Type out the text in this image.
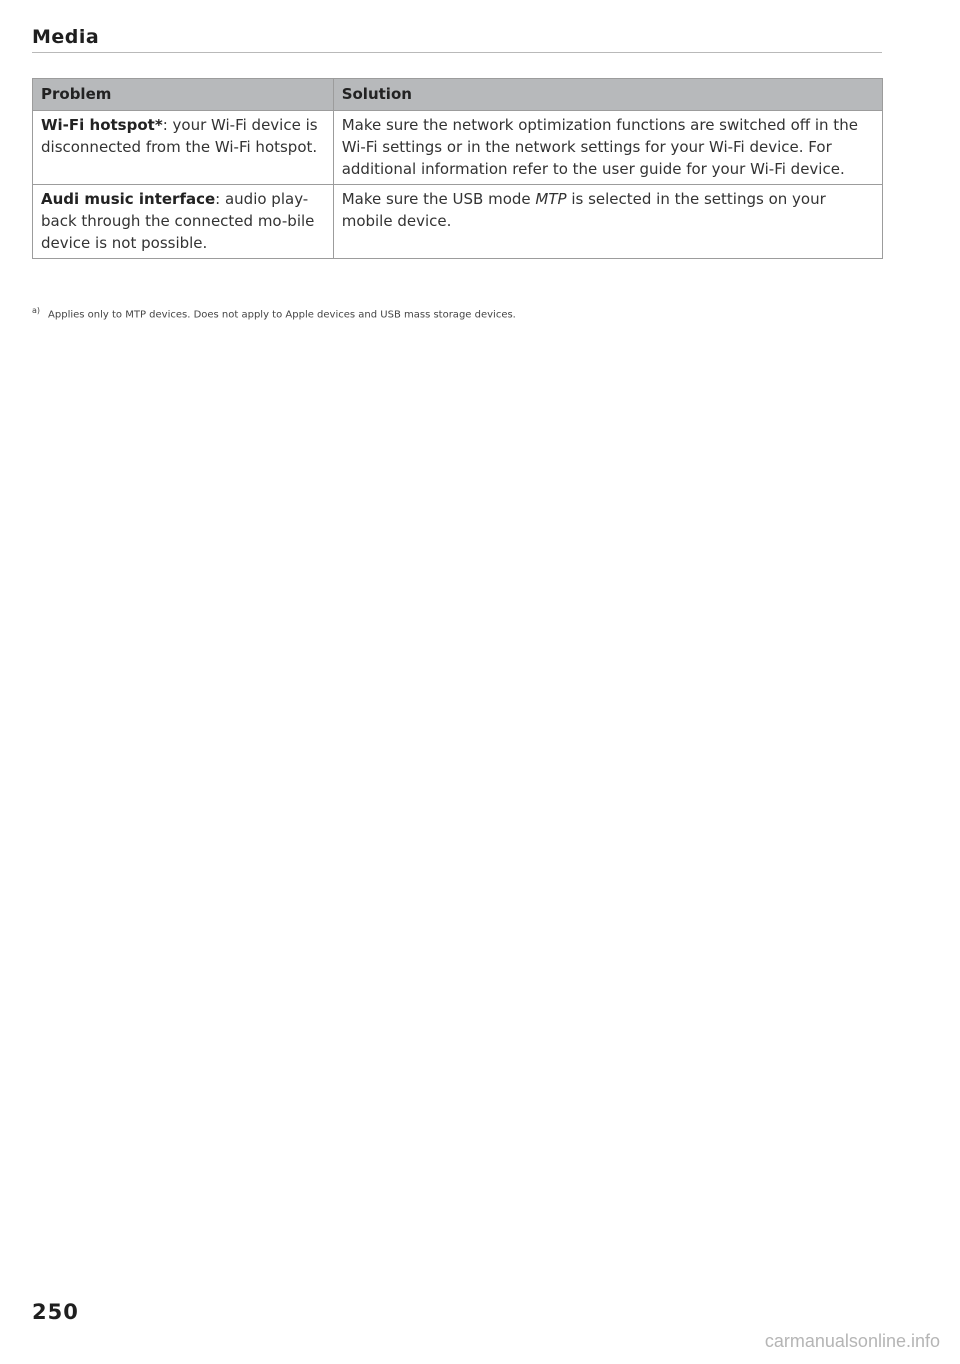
Media
Problem	Solution
Wi-Fi hotspot*: your Wi-Fi device is disconnected from the Wi-Fi hotspot.	Make sure the network optimization functions are switched off in the Wi-Fi settings or in the network settings for your Wi-Fi device. For additional information refer to the user guide for your Wi-Fi device.
Audi music interface: audio play-back through the connected mo-bile device is not possible.	Make sure the USB mode MTP is selected in the settings on your mobile device.
$^{a)}$ Applies only to MTP devices. Does not apply to Apple devices and USB mass storage devices.
250
carmanualsonline.info
